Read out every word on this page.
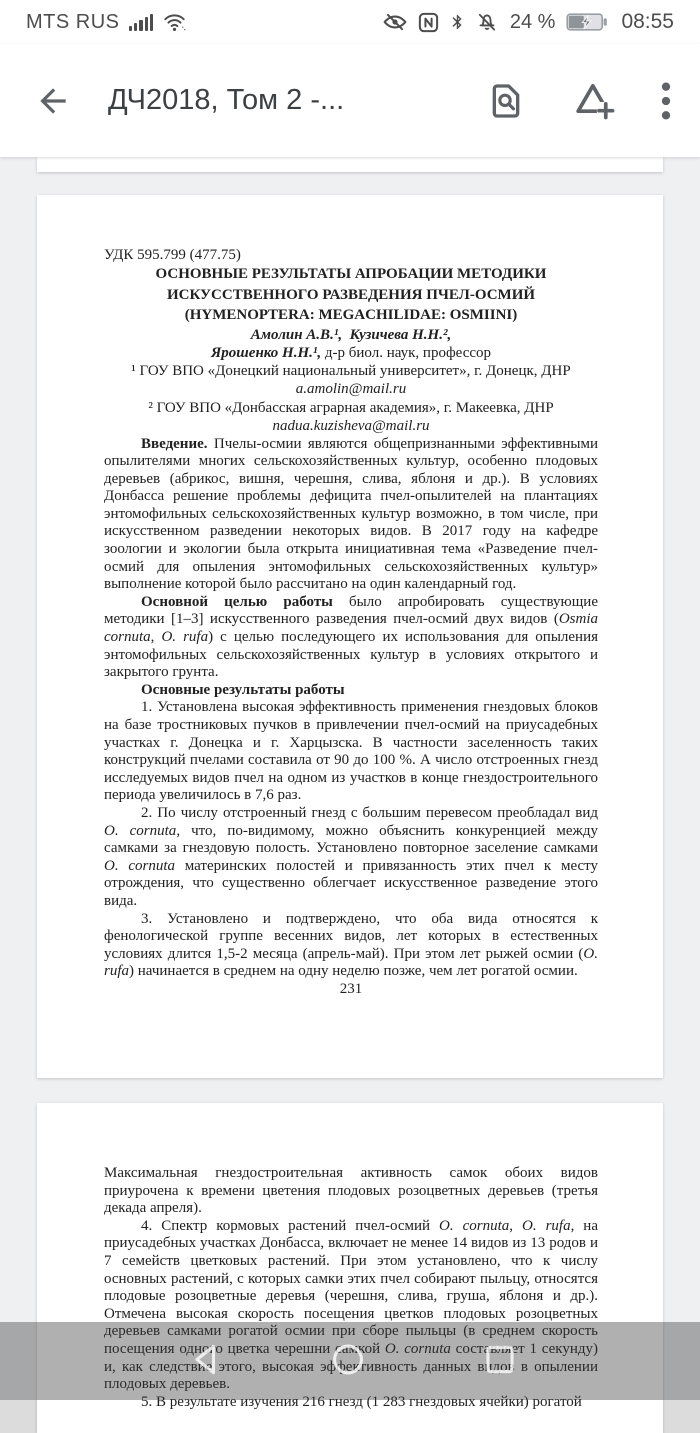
MTS RUS	24 %	08:55
ДЧ2018, Том 2 -...

УДК 595.799 (477.75)

ОСНОВНЫЕ РЕЗУЛЬТАТЫ АПРОБАЦИИ МЕТОДИКИ

ИСКУССТВЕННОГО РАЗВЕДЕНИЯ ПЧЕЛ-ОСМИЙ

(HYMENOPTERA: MEGACHILIDAE: OSMIINI)

Амолин А.В.¹,  Кузичева Н.Н.²,

Ярошенко Н.Н.¹, д-р биол. наук, профессор

¹ ГОУ ВПО «Донецкий национальный университет», г. Донецк, ДНР

a.amolin@mail.ru

² ГОУ ВПО «Донбасская аграрная академия», г. Макеевка, ДНР

nadua.kuzisheva@mail.ru

Введение. Пчелы-осмии являются общепризнанными эффективными опылителями многих сельскохозяйственных культур, особенно плодовых деревьев (абрикос, вишня, черешня, слива, яблоня и др.). В условиях Донбасса решение проблемы дефицита пчел-опылителей на плантациях энтомофильных сельскохозяйственных культур возможно, в том числе, при искусственном разведении некоторых видов. В 2017 году на кафедре зоологии и экологии была открыта инициативная тема «Разведение пчел-осмий для опыления энтомофильных сельскохозяйственных культур» выполнение которой было рассчитано на один календарный год.

Основной целью работы было апробировать существующие методики [1–3] искусственного разведения пчел-осмий двух видов (Osmia cornuta, O. rufa) с целью последующего их использования для опыления энтомофильных сельскохозяйственных культур в условиях открытого и закрытого грунта.

Основные результаты работы

1. Установлена высокая эффективность применения гнездовых блоков на базе тростниковых пучков в привлечении пчел-осмий на приусадебных участках г. Донецка и г. Харцызска. В частности заселенность таких конструкций пчелами составила от 90 до 100 %. А число отстроенных гнезд исследуемых видов пчел на одном из участков в конце гнездостроительного периода увеличилось в 7,6 раз.

2. По числу отстроенный гнезд с большим перевесом преобладал вид O. cornuta, что, по-видимому, можно объяснить конкуренцией между самками за гнездовую полость. Установлено повторное заселение самками O. cornuta материнских полостей и привязанность этих пчел к месту отрождения, что существенно облегчает искусственное разведение этого вида.

3. Установлено и подтверждено, что оба вида относятся к фенологической группе весенних видов, лет которых в естественных условиях длится 1,5-2 месяца (апрель-май). При этом лет рыжей осмии (O. rufa) начинается в среднем на одну неделю позже, чем лет рогатой осмии.

231

Максимальная гнездостроительная активность самок обоих видов приурочена к времени цветения плодовых розоцветных деревьев (третья декада апреля).

4. Спектр кормовых растений пчел-осмий O. cornuta, O. rufa, на приусадебных участках Донбасса, включает не менее 14 видов из 13 родов и 7 семейств цветковых растений. При этом установлено, что к числу основных растений, с которых самки этих пчел собирают пыльцу, относятся плодовые розоцветные деревья (черешня, слива, груша, яблоня и др.). Отмечена высокая скорость посещения цветков плодовых розоцветных деревьев самками рогатой осмии при сборе пыльцы (в среднем скорость посещения одного цветка черешни самкой O. cornuta составляет 1 секунду) и, как следствие этого, высокая эффективность данных видов в опылении плодовых деревьев.

5. В результате изучения 216 гнезд (1 283 гнездовых ячейки) рогатой
